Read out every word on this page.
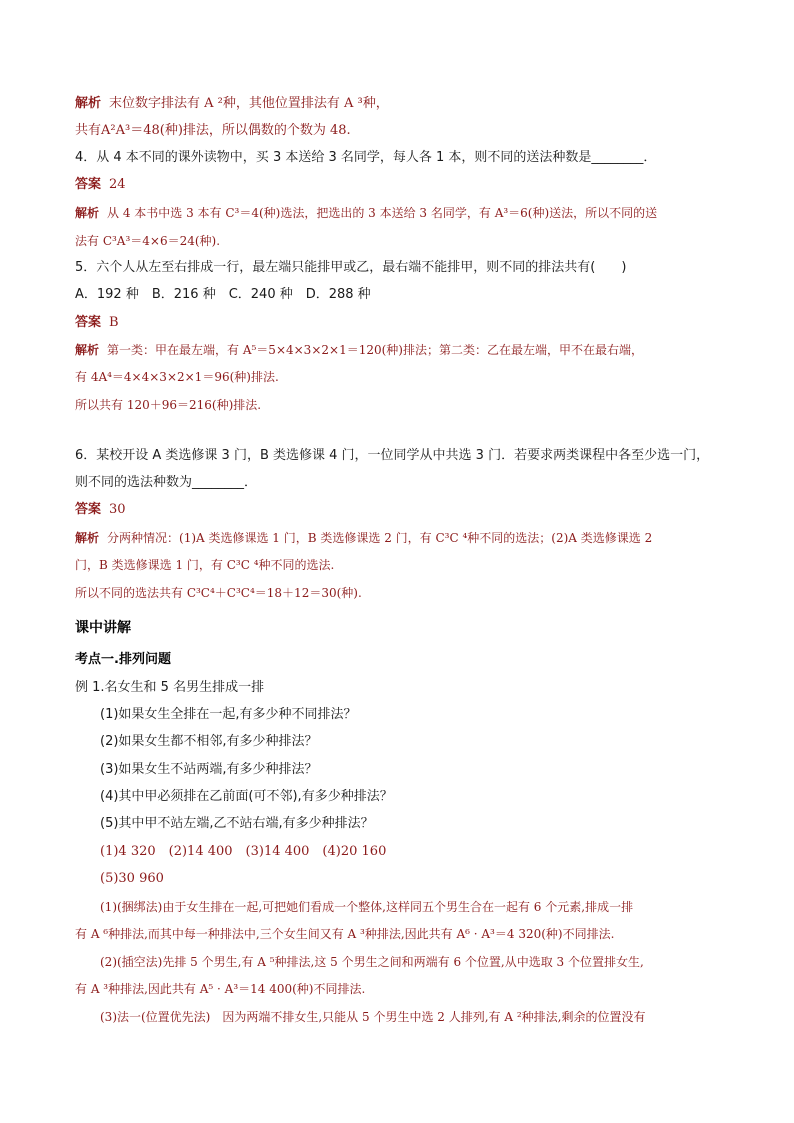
解析 末位数字排法有 A ²种，其他位置排法有 A ³种，
共有A²A³＝48(种)排法，所以偶数的个数为 48.
4．从 4 本不同的课外读物中，买 3 本送给 3 名同学，每人各 1 本，则不同的送法种数是________．
答案 24
解析 从 4 本书中选 3 本有 C³＝4(种)选法，把选出的 3 本送给 3 名同学，有 A³＝6(种)送法，所以不同的送
法有 C³A³＝4×6＝24(种).
5．六个人从左至右排成一行，最左端只能排甲或乙，最右端不能排甲，则不同的排法共有(　　)
A．192 种　B．216 种　C．240 种　D．288 种
答案 B
解析 第一类：甲在最左端，有 A⁵＝5×4×3×2×1＝120(种)排法；第二类：乙在最左端，甲不在最右端，
有 4A⁴＝4×4×3×2×1＝96(种)排法.
所以共有 120＋96＝216(种)排法.
6．某校开设 A 类选修课 3 门，B 类选修课 4 门，一位同学从中共选 3 门．若要求两类课程中各至少选一门，
则不同的选法种数为________．
答案 30
解析 分两种情况：(1)A 类选修课选 1 门，B 类选修课选 2 门，有 C³C ⁴种不同的选法；(2)A 类选修课选 2
门，B 类选修课选 1 门，有 C³C ⁴种不同的选法.
所以不同的选法共有 C³C⁴＋C³C⁴＝18＋12＝30(种).
课中讲解
考点一.排列问题
例 1.名女生和 5 名男生排成一排
(1)如果女生全排在一起,有多少种不同排法？
(2)如果女生都不相邻,有多少种排法？
(3)如果女生不站两端,有多少种排法？
(4)其中甲必须排在乙前面(可不邻),有多少种排法？
(5)其中甲不站左端,乙不站右端,有多少种排法？
(1)4 320　(2)14 400　(3)14 400　(4)20 160
(5)30 960
(1)(捆绑法)由于女生排在一起,可把她们看成一个整体,这样同五个男生合在一起有 6 个元素,排成一排
有 A ⁶种排法,而其中每一种排法中,三个女生间又有 A ³种排法,因此共有 A⁶ · A³＝4 320(种)不同排法.
(2)(插空法)先排 5 个男生,有 A ⁵种排法,这 5 个男生之间和两端有 6 个位置,从中选取 3 个位置排女生,
有 A ³种排法,因此共有 A⁵ · A³＝14 400(种)不同排法.
(3)法一(位置优先法)　因为两端不排女生,只能从 5 个男生中选 2 人排列,有 A ²种排法,剩余的位置没有
